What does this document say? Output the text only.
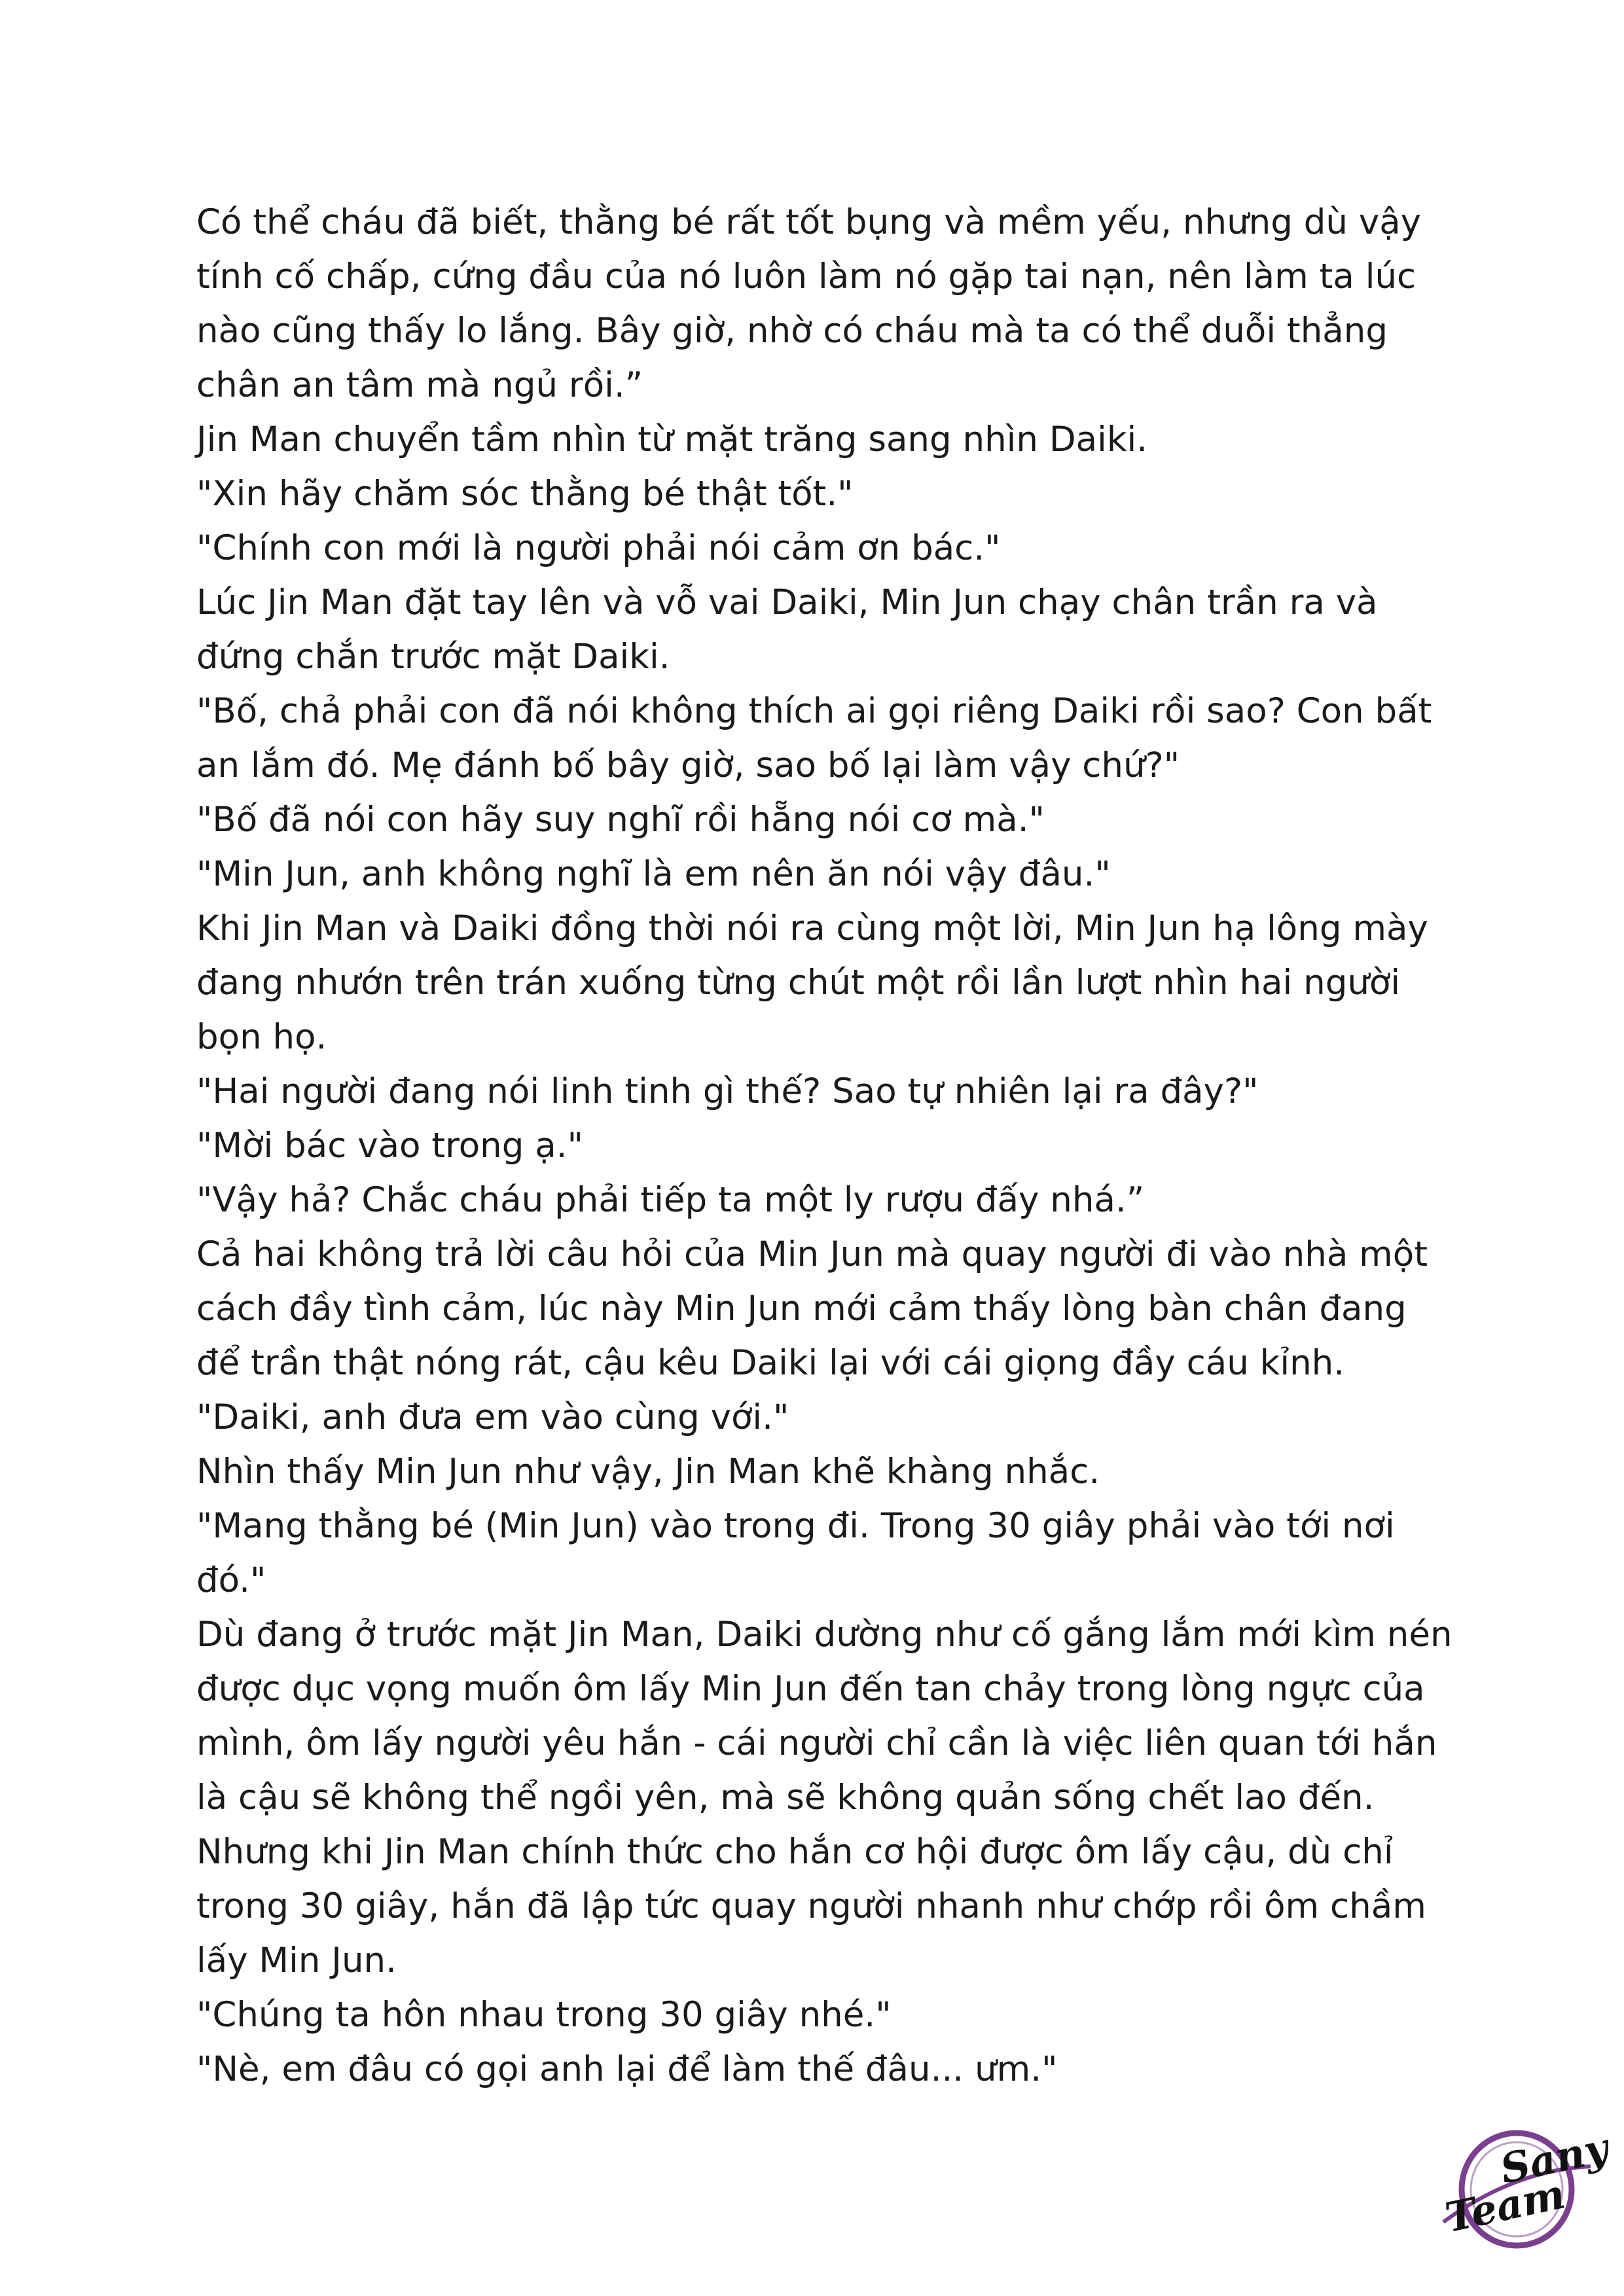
Có thể cháu đã biết, thằng bé rất tốt bụng và mềm yếu, nhưng dù vậy tính cố chấp, cứng đầu của nó luôn làm nó gặp tai nạn, nên làm ta lúc nào cũng thấy lo lắng. Bây giờ, nhờ có cháu mà ta có thể duỗi thẳng chân an tâm mà ngủ rồi.”

Jin Man chuyển tầm nhìn từ mặt trăng sang nhìn Daiki.

"Xin hãy chăm sóc thằng bé thật tốt."

"Chính con mới là người phải nói cảm ơn bác."

Lúc Jin Man đặt tay lên và vỗ vai Daiki, Min Jun chạy chân trần ra và đứng chắn trước mặt Daiki.

"Bố, chả phải con đã nói không thích ai gọi riêng Daiki rồi sao? Con bất an lắm đó. Mẹ đánh bố bây giờ, sao bố lại làm vậy chứ?"

"Bố đã nói con hãy suy nghĩ rồi hẵng nói cơ mà."

"Min Jun, anh không nghĩ là em nên ăn nói vậy đâu."

Khi Jin Man và Daiki đồng thời nói ra cùng một lời, Min Jun hạ lông mày đang nhướn trên trán xuống từng chút một rồi lần lượt nhìn hai người bọn họ.

"Hai người đang nói linh tinh gì thế? Sao tự nhiên lại ra đây?"

"Mời bác vào trong ạ."

"Vậy hả? Chắc cháu phải tiếp ta một ly rượu đấy nhá.”

Cả hai không trả lời câu hỏi của Min Jun mà quay người đi vào nhà một cách đầy tình cảm, lúc này Min Jun mới cảm thấy lòng bàn chân đang để trần thật nóng rát, cậu kêu Daiki lại với cái giọng đầy cáu kỉnh.

"Daiki, anh đưa em vào cùng với."

Nhìn thấy Min Jun như vậy, Jin Man khẽ khàng nhắc.

"Mang thằng bé (Min Jun) vào trong đi. Trong 30 giây phải vào tới nơi đó."

Dù đang ở trước mặt Jin Man, Daiki dường như cố gắng lắm mới kìm nén được dục vọng muốn ôm lấy Min Jun đến tan chảy trong lòng ngực của mình, ôm lấy người yêu hắn - cái người chỉ cần là việc liên quan tới hắn là cậu sẽ không thể ngồi yên, mà sẽ không quản sống chết lao đến. Nhưng khi Jin Man chính thức cho hắn cơ hội được ôm lấy cậu, dù chỉ trong 30 giây, hắn đã lập tức quay người nhanh như chớp rồi ôm chầm lấy Min Jun.

"Chúng ta hôn nhau trong 30 giây nhé."

"Nè, em đâu có gọi anh lại để làm thế đâu... ưm."

Sany
Team
